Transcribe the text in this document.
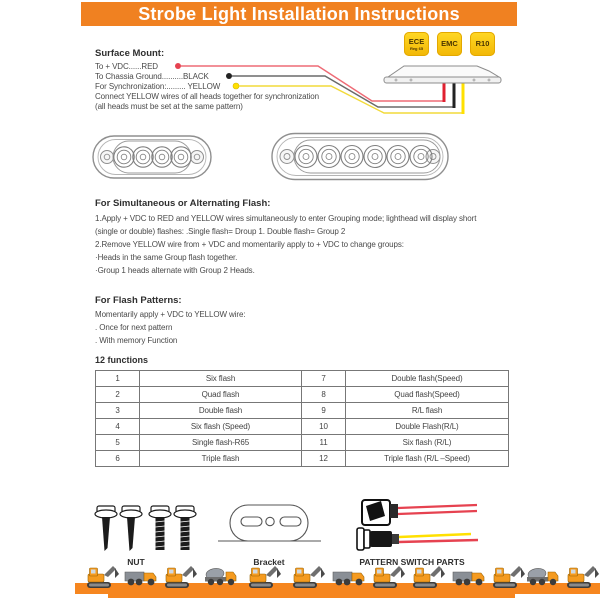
Strobe Light Installation Instructions
ECE
Reg 65 EMC R10
Surface Mount:
To + VDC......RED
To Chassia Ground..........BLACK
For Synchronization:......... YELLOW
Connect YELLOW wires of all heads together for synchronization
(all heads must be set at the same pattern)
For Simultaneous or Alternating Flash:
1.Apply + VDC to RED and YELLOW wires simultaneously to enter Grouping mode; lighthead will display short
(single or double) flashes: .Single flash= Droup 1. Double flash= Group 2
2.Remove YELLOW wire from + VDC and momentarily apply to + VDC to change groups:
·Heads in the same Group flash together.
·Group 1 heads alternate with Group 2 Heads.
For Flash Patterns:
Momentarily apply + VDC to YELLOW wire:
. Once for next pattern
. With memory Function
12 functions
1	Six flash	7	Double flash(Speed)
2	Quad flash	8	Quad flash(Speed)
3	Double flash	9	R/L flash
4	Six flash (Speed)	10	Double Flash(R/L)
5	Single flash-R65	11	Six flash (R/L)
6	Triple flash	12	Triple flash (R/L –Speed)
NUT	Bracket	PATTERN SWITCH PARTS
